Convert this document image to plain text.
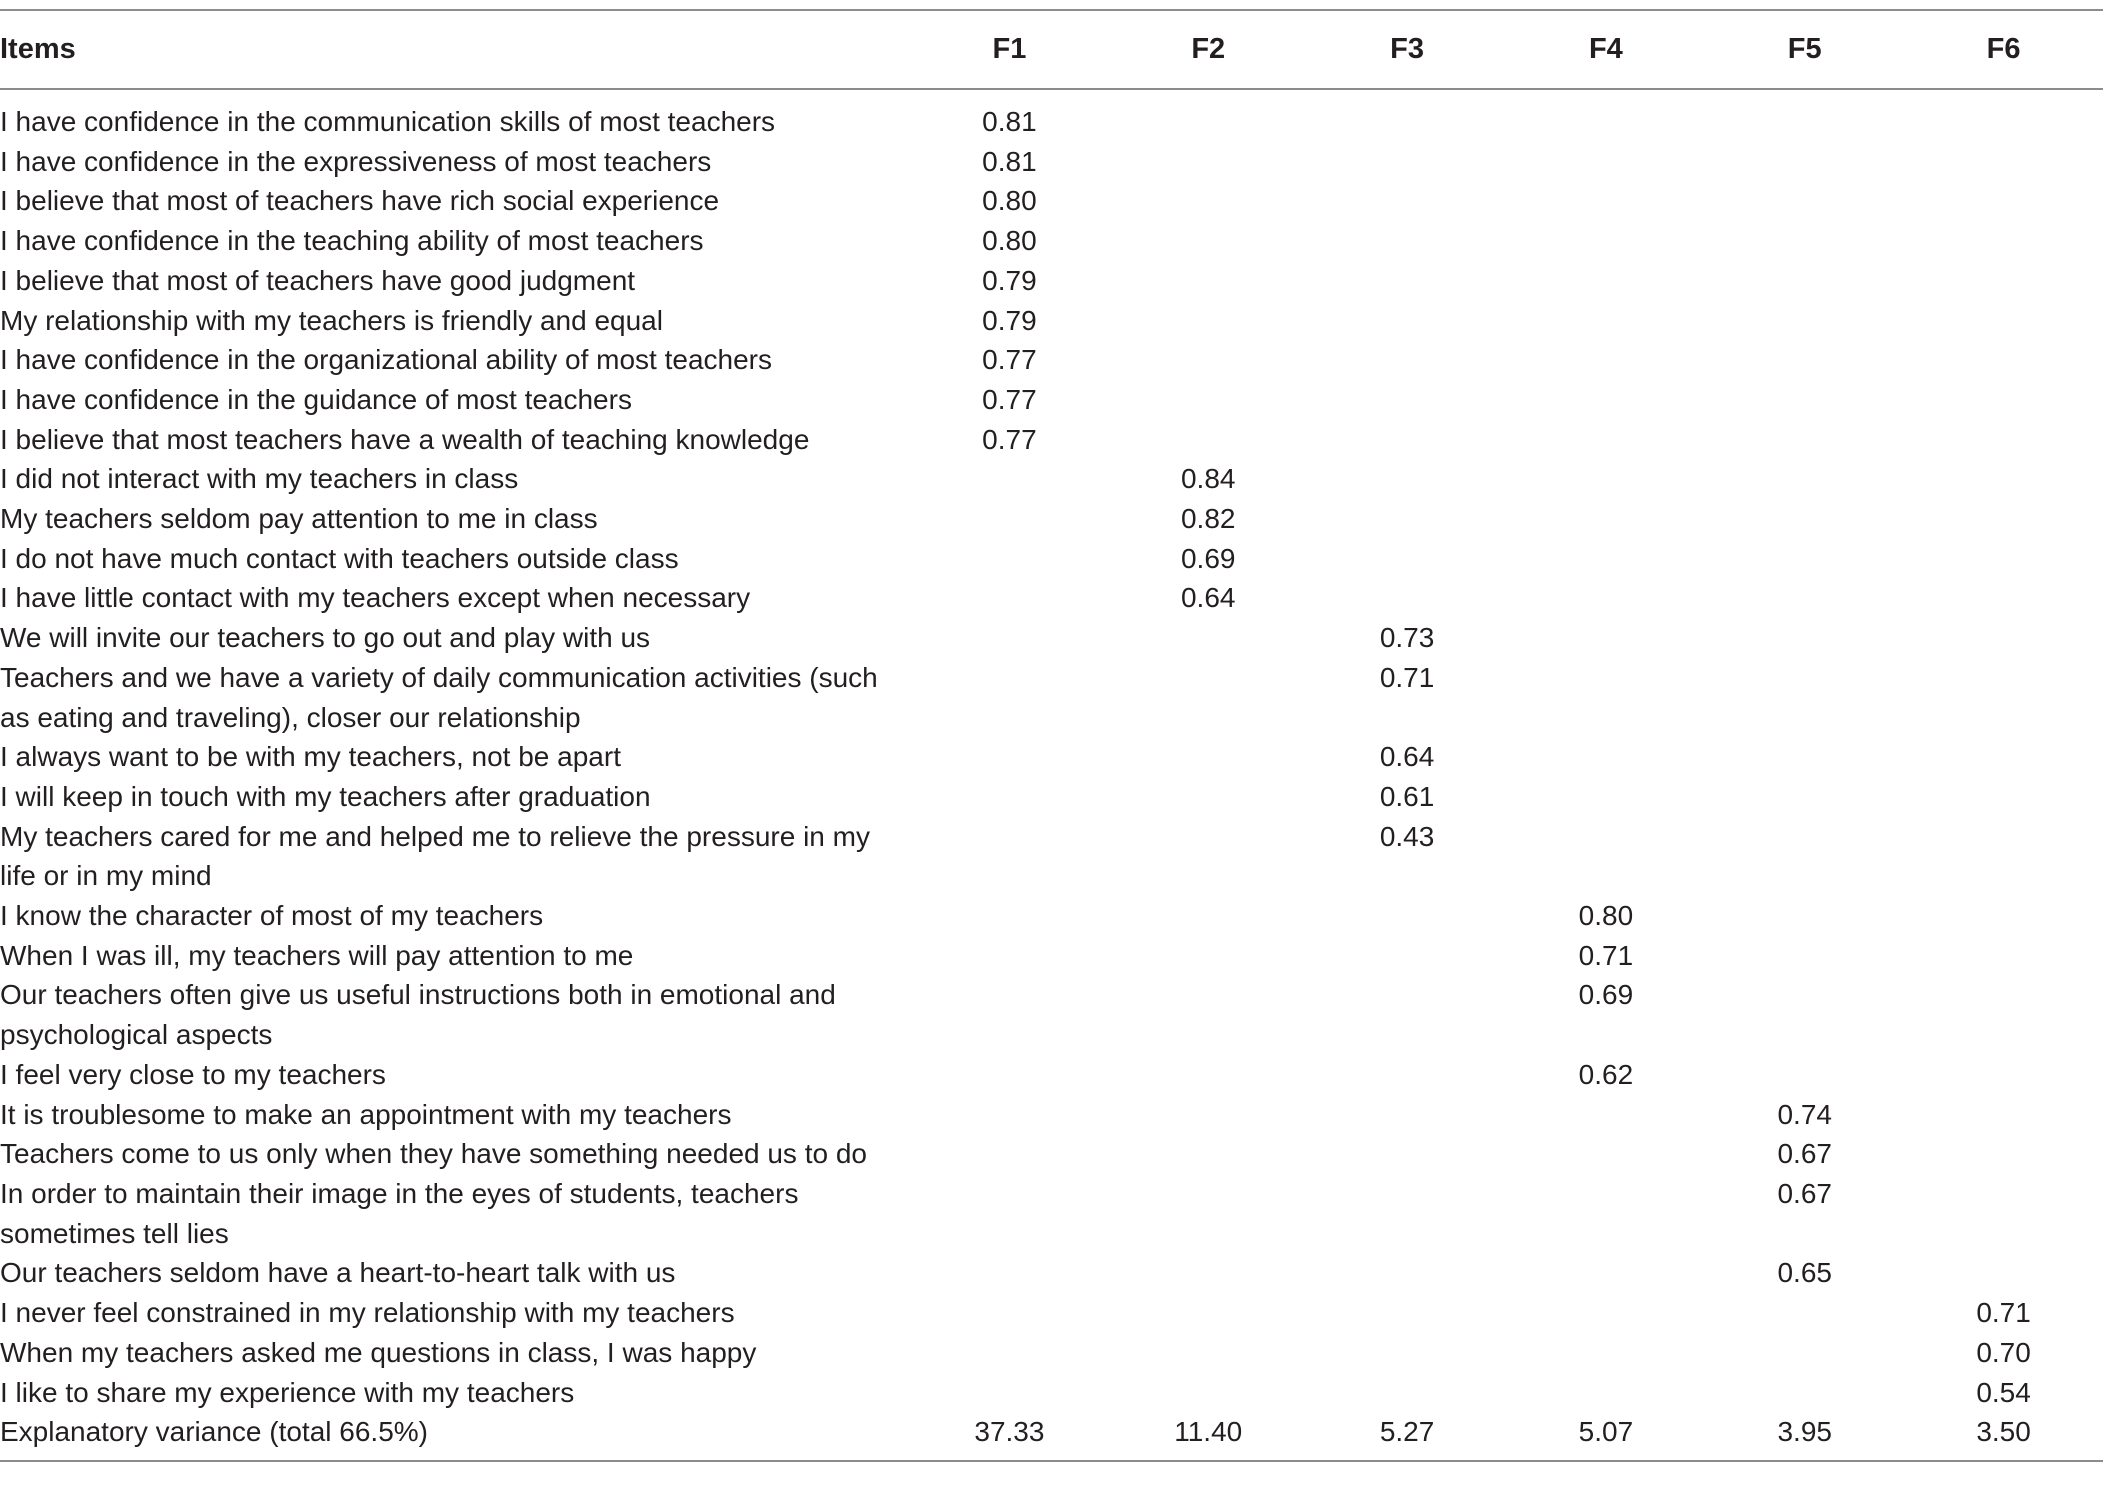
Items	F1	F2	F3	F4	F5	F6
I have confidence in the communication skills of most teachers	0.81					
I have confidence in the expressiveness of most teachers	0.81					
I believe that most of teachers have rich social experience	0.80					
I have confidence in the teaching ability of most teachers	0.80					
I believe that most of teachers have good judgment	0.79					
My relationship with my teachers is friendly and equal	0.79					
I have confidence in the organizational ability of most teachers	0.77					
I have confidence in the guidance of most teachers	0.77					
I believe that most teachers have a wealth of teaching knowledge	0.77					
I did not interact with my teachers in class		0.84				
My teachers seldom pay attention to me in class		0.82				
I do not have much contact with teachers outside class		0.69				
I have little contact with my teachers except when necessary		0.64				
We will invite our teachers to go out and play with us			0.73			
Teachers and we have a variety of daily communication activities (such as eating and traveling), closer our relationship			0.71			
I always want to be with my teachers, not be apart			0.64			
I will keep in touch with my teachers after graduation			0.61			
My teachers cared for me and helped me to relieve the pressure in my life or in my mind			0.43			
I know the character of most of my teachers				0.80		
When I was ill, my teachers will pay attention to me				0.71		
Our teachers often give us useful instructions both in emotional and psychological aspects				0.69		
I feel very close to my teachers				0.62		
It is troublesome to make an appointment with my teachers					0.74	
Teachers come to us only when they have something needed us to do					0.67	
In order to maintain their image in the eyes of students, teachers sometimes tell lies					0.67	
Our teachers seldom have a heart-to-heart talk with us					0.65	
I never feel constrained in my relationship with my teachers						0.71
When my teachers asked me questions in class, I was happy						0.70
I like to share my experience with my teachers						0.54
Explanatory variance (total 66.5%)	37.33	11.40	5.27	5.07	3.95	3.50
